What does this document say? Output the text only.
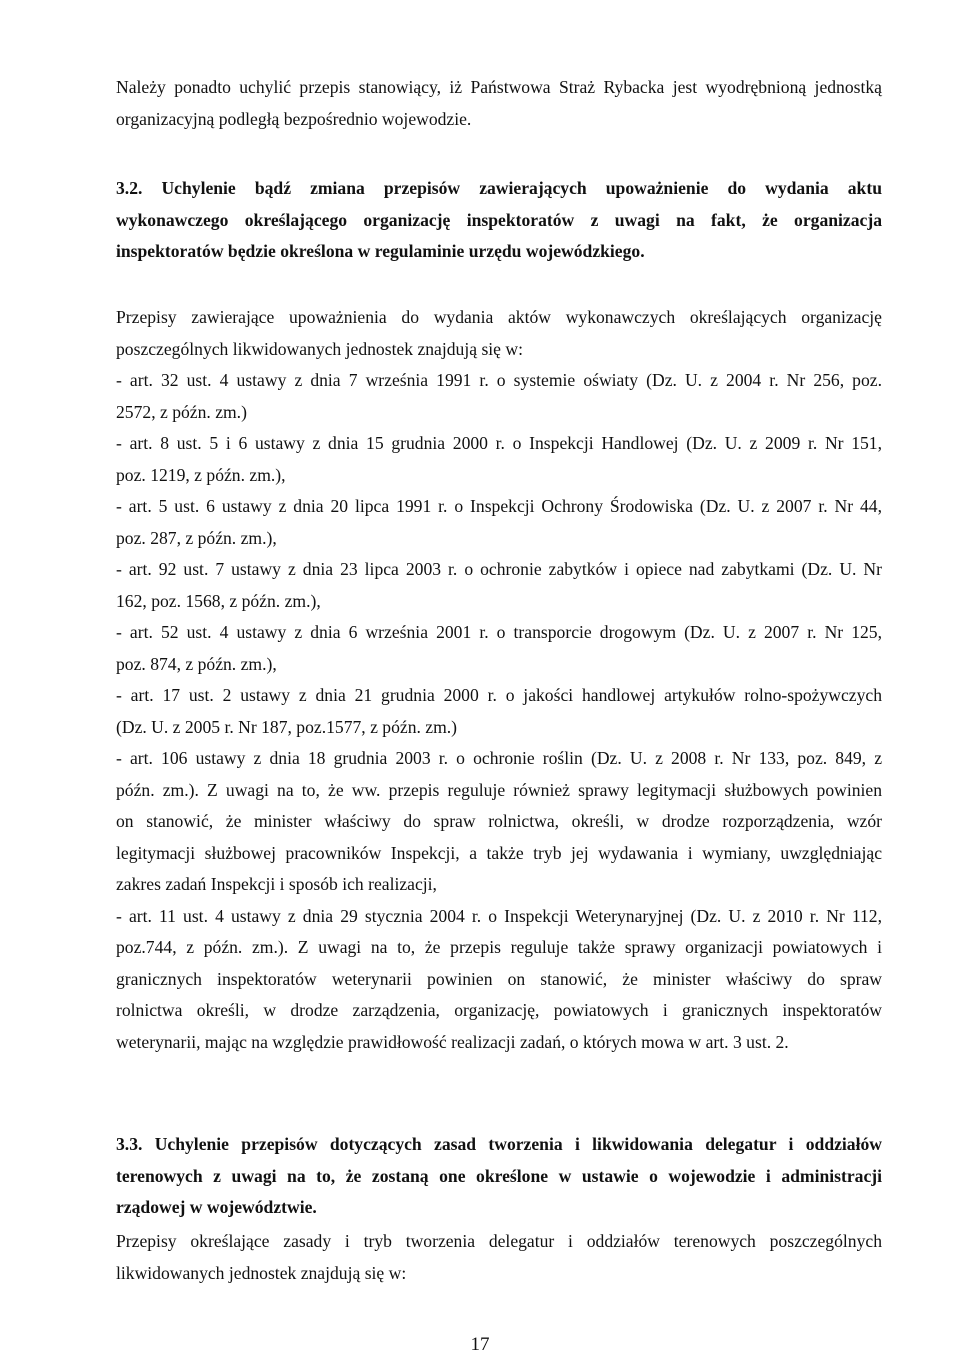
Należy ponadto uchylić przepis stanowiący, iż Państwowa Straż Rybacka jest wyodrębnioną jednostką
organizacyjną podległą bezpośrednio wojewodzie.
3.2. Uchylenie bądź zmiana przepisów zawierających upoważnienie do wydania aktu
wykonawczego określającego organizację inspektoratów z uwagi na fakt, że organizacja
inspektoratów będzie określona w regulaminie urzędu wojewódzkiego.
Przepisy zawierające upoważnienia do wydania aktów wykonawczych określających organizację
poszczególnych likwidowanych jednostek znajdują się w:
- art. 32 ust. 4 ustawy z dnia 7 września 1991 r. o systemie oświaty (Dz. U. z 2004 r. Nr 256, poz.
2572, z późn. zm.)
- art. 8 ust. 5 i 6 ustawy z dnia 15 grudnia 2000 r. o Inspekcji Handlowej (Dz. U. z 2009 r. Nr 151,
poz. 1219, z późn. zm.),
- art. 5 ust. 6 ustawy z dnia 20 lipca 1991 r. o Inspekcji Ochrony Środowiska (Dz. U. z 2007 r. Nr 44,
poz. 287, z późn. zm.),
- art. 92 ust. 7 ustawy z dnia 23 lipca 2003 r. o ochronie zabytków i opiece nad zabytkami (Dz. U. Nr
162, poz. 1568, z późn. zm.),
- art. 52 ust. 4 ustawy z dnia 6 września 2001 r. o transporcie drogowym (Dz. U. z 2007 r. Nr 125,
poz. 874, z późn. zm.),
- art. 17 ust. 2 ustawy z dnia 21 grudnia 2000 r. o jakości handlowej artykułów rolno-spożywczych
(Dz. U. z 2005 r. Nr 187, poz.1577, z późn. zm.)
- art. 106 ustawy z dnia 18 grudnia 2003 r. o ochronie roślin (Dz. U. z 2008 r. Nr 133, poz. 849, z
późn. zm.). Z uwagi na to, że ww. przepis reguluje również sprawy legitymacji służbowych powinien
on stanowić, że minister właściwy do spraw rolnictwa, określi, w drodze rozporządzenia, wzór
legitymacji służbowej pracowników Inspekcji, a także tryb jej wydawania i wymiany, uwzględniając
zakres zadań Inspekcji i sposób ich realizacji,
- art. 11 ust. 4 ustawy z dnia 29 stycznia 2004 r. o Inspekcji Weterynaryjnej (Dz. U. z 2010 r. Nr 112,
poz.744, z późn. zm.). Z uwagi na to, że przepis reguluje także sprawy organizacji powiatowych i
granicznych inspektoratów weterynarii powinien on stanowić, że minister właściwy do spraw
rolnictwa określi, w drodze zarządzenia, organizację, powiatowych i granicznych inspektoratów
weterynarii, mając na względzie prawidłowość realizacji zadań, o których mowa w art. 3 ust. 2.
3.3. Uchylenie przepisów dotyczących zasad tworzenia i likwidowania delegatur i oddziałów
terenowych z uwagi na to, że zostaną one określone w ustawie o wojewodzie i administracji
rządowej w województwie.
Przepisy określające zasady i tryb tworzenia delegatur i oddziałów terenowych poszczególnych
likwidowanych jednostek znajdują się w:
17
